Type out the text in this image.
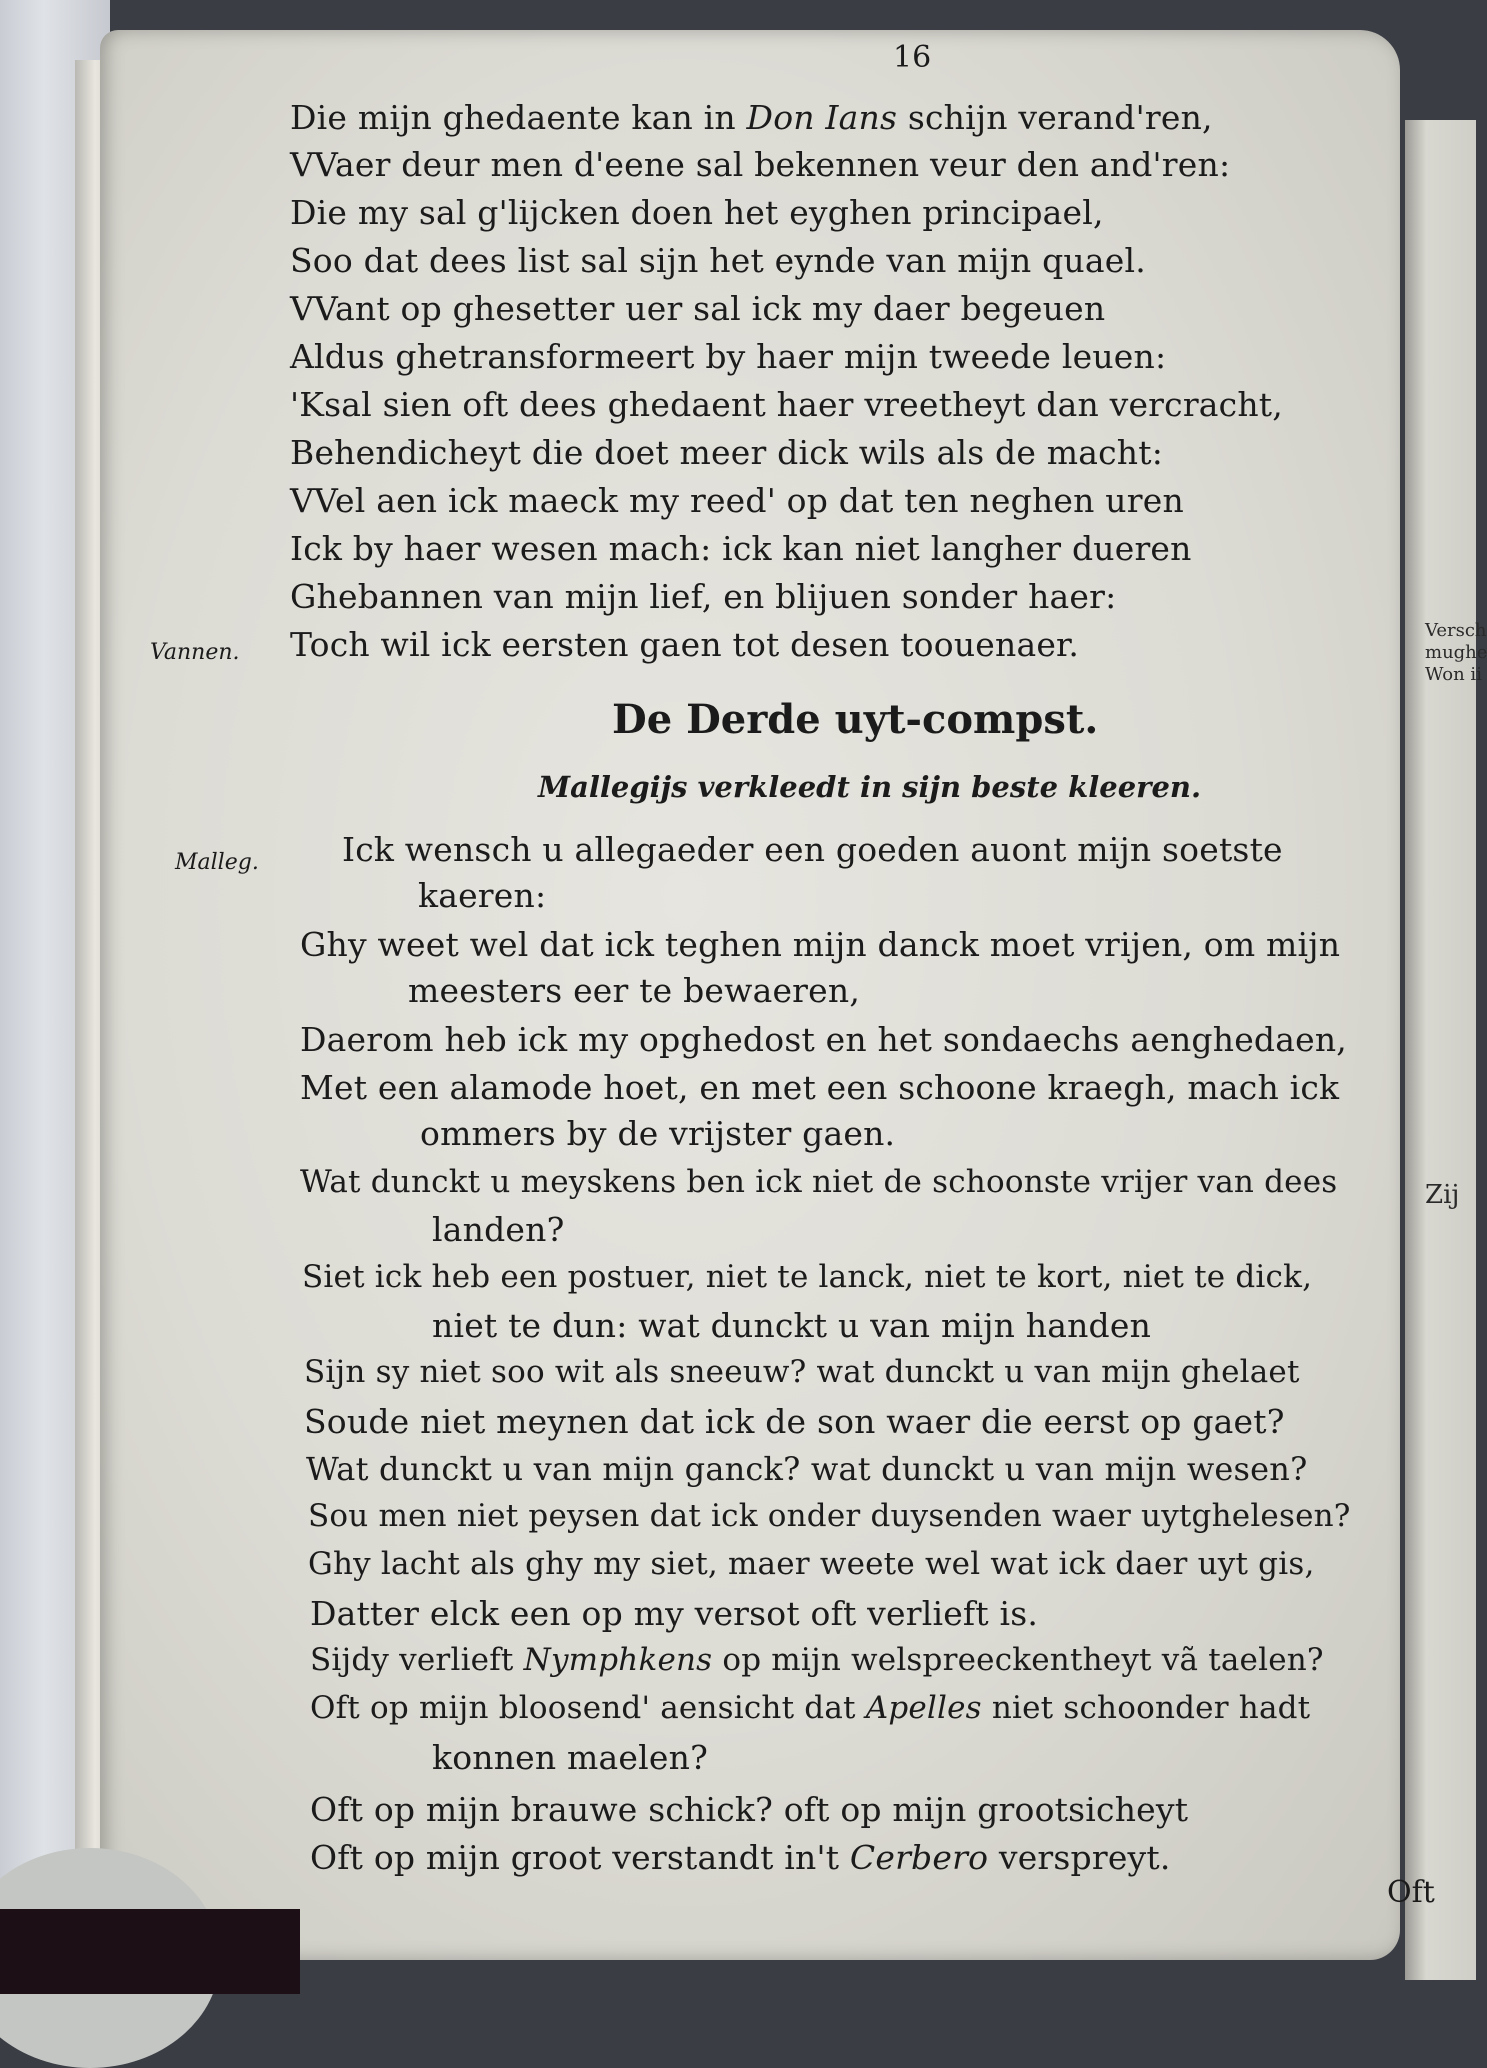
Versch
mughe
Won ii
Zij
16
Die mijn ghedaente kan in Don Ians schijn verand'ren,
VVaer deur men d'eene sal bekennen veur den and'ren:
Die my sal g'lijcken doen het eyghen principael,
Soo dat dees list sal sijn het eynde van mijn quael.
VVant op ghesetter uer sal ick my daer begeuen
Aldus ghetransformeert by haer mijn tweede leuen:
'Ksal sien oft dees ghedaent haer vreetheyt dan vercracht,
Behendicheyt die doet meer dick wils als de macht:
VVel aen ick maeck my reed' op dat ten neghen uren
Ick by haer wesen mach: ick kan niet langher dueren
Ghebannen van mijn lief, en blijuen sonder haer:
Toch wil ick eersten gaen tot desen toouenaer.
Vannen.
De Derde uyt-compst.
Mallegijs verkleedt in sijn beste kleeren.
Malleg.	Ick wensch u allegaeder een goeden auont mijn soetste
kaeren:
Ghy weet wel dat ick teghen mijn danck moet vrijen, om mijn
meesters eer te bewaeren,
Daerom heb ick my opghedost en het sondaechs aenghedaen,
Met een alamode hoet, en met een schoone kraegh, mach ick
ommers by de vrijster gaen.
Wat dunckt u meyskens ben ick niet de schoonste vrijer van dees
landen?
Siet ick heb een postuer, niet te lanck, niet te kort, niet te dick,
niet te dun: wat dunckt u van mijn handen
Sijn sy niet soo wit als sneeuw? wat dunckt u van mijn ghelaet
Soude niet meynen dat ick de son waer die eerst op gaet?
Wat dunckt u van mijn ganck? wat dunckt u van mijn wesen?
Sou men niet peysen dat ick onder duysenden waer uytghelesen?
Ghy lacht als ghy my siet, maer weete wel wat ick daer uyt gis,
Datter elck een op my versot oft verlieft is.
Sijdy verlieft Nymphkens op mijn welspreeckentheyt vã taelen?
Oft op mijn bloosend' aensicht dat Apelles niet schoonder hadt
konnen maelen?
Oft op mijn brauwe schick? oft op mijn grootsicheyt
Oft op mijn groot verstandt in't Cerbero verspreyt.
Oft
